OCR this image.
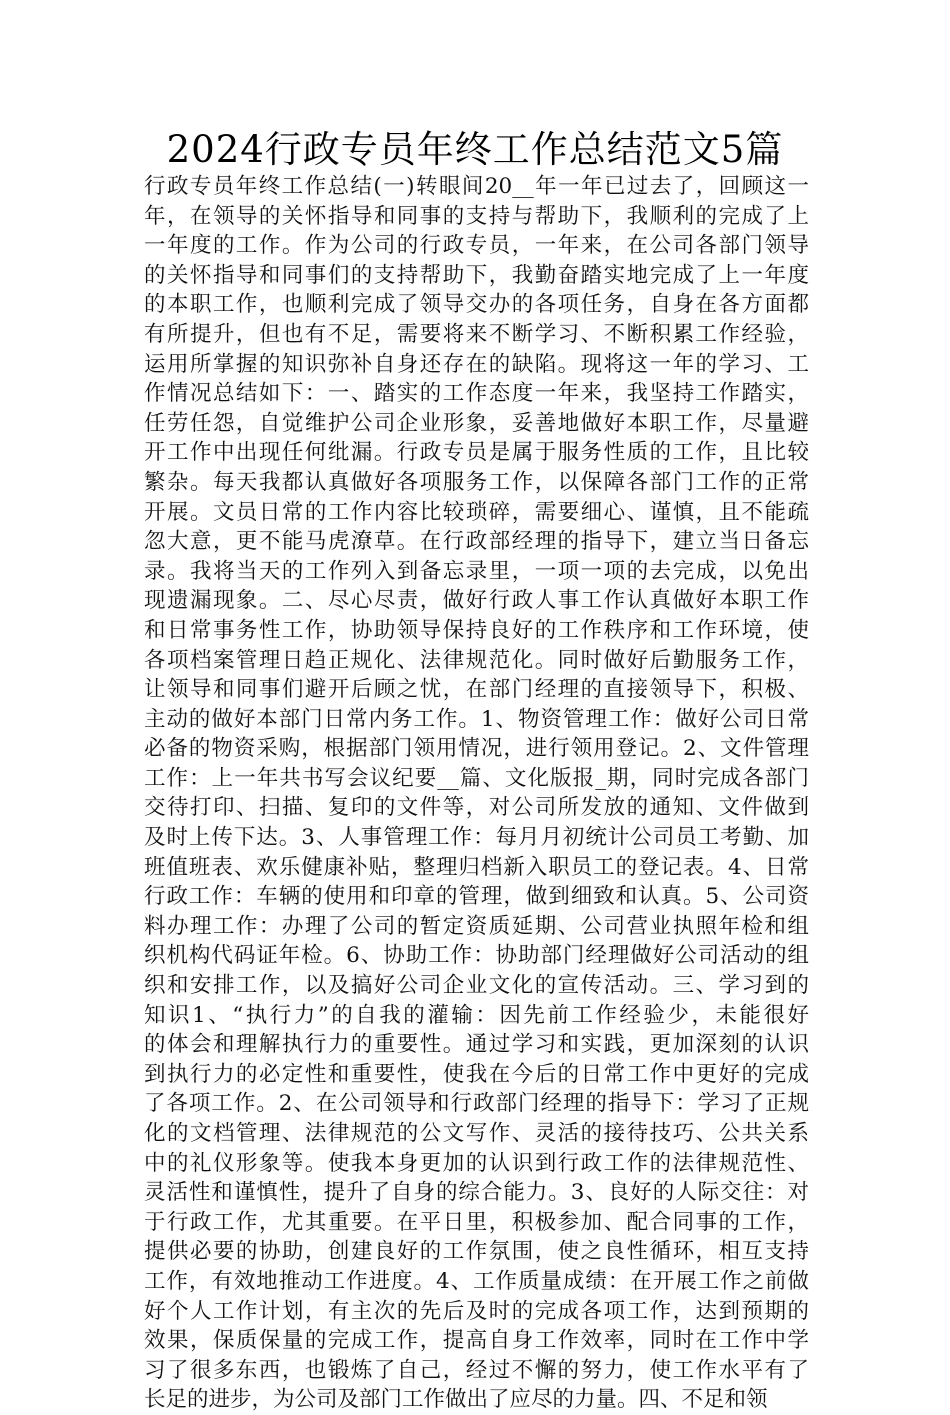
2024行政专员年终工作总结范文5篇
行政专员年终工作总结(一)转眼间20__年一年已过去了，回顾这一
年，在领导的关怀指导和同事的支持与帮助下，我顺利的完成了上
一年度的工作。作为公司的行政专员，一年来，在公司各部门领导
的关怀指导和同事们的支持帮助下，我勤奋踏实地完成了上一年度
的本职工作，也顺利完成了领导交办的各项任务，自身在各方面都
有所提升，但也有不足，需要将来不断学习、不断积累工作经验，
运用所掌握的知识弥补自身还存在的缺陷。现将这一年的学习、工
作情况总结如下：一、踏实的工作态度一年来，我坚持工作踏实，
任劳任怨，自觉维护公司企业形象，妥善地做好本职工作，尽量避
开工作中出现任何纰漏。行政专员是属于服务性质的工作，且比较
繁杂。每天我都认真做好各项服务工作，以保障各部门工作的正常
开展。文员日常的工作内容比较琐碎，需要细心、谨慎，且不能疏
忽大意，更不能马虎潦草。在行政部经理的指导下，建立当日备忘
录。我将当天的工作列入到备忘录里，一项一项的去完成，以免出
现遗漏现象。二、尽心尽责，做好行政人事工作认真做好本职工作
和日常事务性工作，协助领导保持良好的工作秩序和工作环境，使
各项档案管理日趋正规化、法律规范化。同时做好后勤服务工作，
让领导和同事们避开后顾之忧，在部门经理的直接领导下，积极、
主动的做好本部门日常内务工作。1、物资管理工作：做好公司日常
必备的物资采购，根据部门领用情况，进行领用登记。2、文件管理
工作：上一年共书写会议纪要__篇、文化版报_期，同时完成各部门
交待打印、扫描、复印的文件等，对公司所发放的通知、文件做到
及时上传下达。3、人事管理工作：每月月初统计公司员工考勤、加
班值班表、欢乐健康补贴，整理归档新入职员工的登记表。4、日常
行政工作：车辆的使用和印章的管理，做到细致和认真。5、公司资
料办理工作：办理了公司的暂定资质延期、公司营业执照年检和组
织机构代码证年检。6、协助工作：协助部门经理做好公司活动的组
织和安排工作，以及搞好公司企业文化的宣传活动。三、学习到的
知识1、“执行力”的自我的灌输：因先前工作经验少，未能很好
的体会和理解执行力的重要性。通过学习和实践，更加深刻的认识
到执行力的必定性和重要性，使我在今后的日常工作中更好的完成
了各项工作。2、在公司领导和行政部门经理的指导下：学习了正规
化的文档管理、法律规范的公文写作、灵活的接待技巧、公共关系
中的礼仪形象等。使我本身更加的认识到行政工作的法律规范性、
灵活性和谨慎性，提升了自身的综合能力。3、良好的人际交往：对
于行政工作，尤其重要。在平日里，积极参加、配合同事的工作，
提供必要的协助，创建良好的工作氛围，使之良性循环，相互支持
工作，有效地推动工作进度。4、工作质量成绩：在开展工作之前做
好个人工作计划，有主次的先后及时的完成各项工作，达到预期的
效果，保质保量的完成工作，提高自身工作效率，同时在工作中学
习了很多东西，也锻炼了自己，经过不懈的努力，使工作水平有了
长足的进步，为公司及部门工作做出了应尽的力量。四、不足和领
